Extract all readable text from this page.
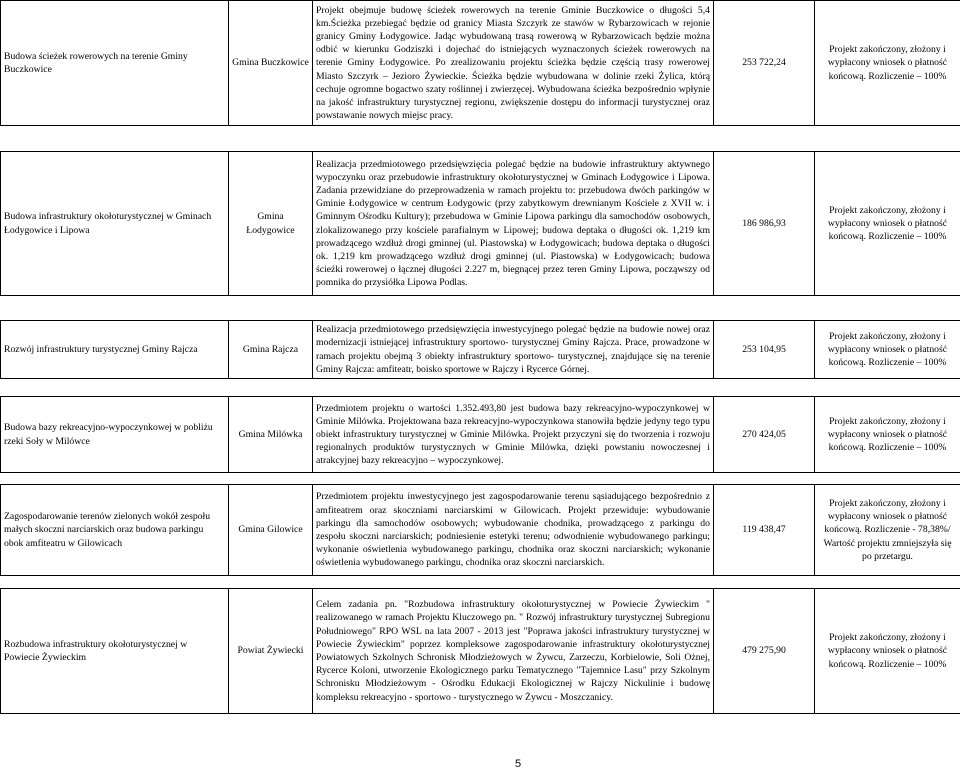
Budowa ścieżek rowerowych na terenie Gminy Buczkowice	Gmina Buczkowice	Projekt obejmuje budowę ścieżek rowerowych na terenie Gminie Buczkowice o długości 5,4 km.Ścieżka przebiegać będzie od granicy Miasta Szczyrk ze stawów w Rybarzowicach w rejonie granicy Gminy Łodygowice. Jadąc wybudowaną trasą rowerową w Rybarzowicach będzie można odbić w kierunku Godziszki i dojechać do istniejących wyznaczonych ścieżek rowerowych na terenie Gminy Łodygowice. Po zrealizowaniu projektu ścieżka będzie częścią trasy rowerowej Miasto Szczyrk – Jezioro Żywieckie. Ścieżka będzie wybudowana w dolinie rzeki Żylica, którą cechuje ogromne bogactwo szaty roślinnej i zwierzęcej. Wybudowana ścieżka bezpośrednio wpłynie na jakość infrastruktury turystycznej regionu, zwiększenie dostępu do informacji turystycznej oraz powstawanie nowych miejsc pracy.	253 722,24	Projekt zakończony, złożony i wypłacony wniosek o płatność końcową. Rozliczenie – 100%

Budowa infrastruktury okołoturystycznej w Gminach Łodygowice i Lipowa	Gmina Łodygowice	Realizacja przedmiotowego przedsięwzięcia polegać będzie na budowie infrastruktury aktywnego wypoczynku oraz przebudowie infrastruktury okołoturystycznej w Gminach Łodygowice i Lipowa. Zadania przewidziane do przeprowadzenia w ramach projektu to: przebudowa dwóch parkingów w Gminie Łodygowice w centrum Łodygowic (przy zabytkowym drewnianym Kościele z XVII w. i Gminnym Ośrodku Kultury); przebudowa w Gminie Lipowa parkingu dla samochodów osobowych, zlokalizowanego przy kościele parafialnym w Lipowej; budowa deptaka o długości ok. 1,219 km prowadzącego wzdłuż drogi gminnej (ul. Piastowska) w Łodygowicach; budowa deptaka o długości ok. 1,219 km prowadzącego wzdłuż drogi gminnej (ul. Piastowska) w Łodygowicach; budowa ścieżki rowerowej o łącznej długości 2.227 m, biegnącej przez teren Gminy Lipowa, począwszy od pomnika do przysiółka Lipowa Podlas.	186 986,93	Projekt zakończony, złożony i wypłacony wniosek o płatność końcową. Rozliczenie – 100%

Rozwój infrastruktury turystycznej Gminy Rajcza	Gmina Rajcza	Realizacja przedmiotowego przedsięwzięcia inwestycyjnego polegać będzie na budowie nowej oraz modernizacji istniejącej infrastruktury sportowo- turystycznej Gminy Rajcza. Prace, prowadzone w ramach projektu obejmą 3 obiekty infrastruktury sportowo- turystycznej, znajdujące się na terenie Gminy Rajcza: amfiteatr, boisko sportowe w Rajczy i Rycerce Górnej.	253 104,95	Projekt zakończony, złożony i wypłacony wniosek o płatność końcową. Rozliczenie – 100%

Budowa bazy rekreacyjno-wypoczynkowej w pobliżu rzeki Soły w Milówce	Gmina Milówka	Przedmiotem projektu o wartości 1.352.493,80 jest budowa bazy rekreacyjno-wypoczynkowej w Gminie Milówka. Projektowana baza rekreacyjno-wypoczynkowa stanowiła będzie jedyny tego typu obiekt infrastruktury turystycznej w Gminie Milówka. Projekt przyczyni się do tworzenia i rozwoju regionalnych produktów turystycznych w Gminie Milówka, dzięki powstaniu nowoczesnej i atrakcyjnej bazy rekreacyjno – wypoczynkowej.	270 424,05	Projekt zakończony, złożony i wypłacony wniosek o płatność końcową. Rozliczenie – 100%

Zagospodarowanie terenów zielonych wokół zespołu małych skoczni narciarskich oraz budowa parkingu obok amfiteatru w Gilowicach	Gmina Gilowice	Przedmiotem projektu inwestycyjnego jest zagospodarowanie terenu sąsiadującego bezpośrednio z amfiteatrem oraz skoczniami narciarskimi w Gilowicach. Projekt przewiduje: wybudowanie parkingu dla samochodów osobowych; wybudowanie chodnika, prowadzącego z parkingu do zespołu skoczni narciarskich; podniesienie estetyki terenu; odwodnienie wybudowanego parkingu; wykonanie oświetlenia wybudowanego parkingu, chodnika oraz skoczni narciarskich; wykonanie oświetlenia wybudowanego parkingu, chodnika oraz skoczni narciarskich.	119 438,47	Projekt zakończony, złożony i wypłacony wniosek o płatność końcową. Rozliczenie - 78,38%/ Wartość projektu zmniejszyła się po przetargu.

Rozbudowa infrastruktury okołoturystycznej w Powiecie Żywieckim	Powiat Żywiecki	Celem zadania pn. "Rozbudowa infrastruktury okołoturystycznej w Powiecie Żywieckim " realizowanego w ramach Projektu Kluczowego pn. " Rozwój infrastruktury turystycznej Subregionu Południowego" RPO WSL na lata 2007 - 2013 jest "Poprawa jakości infrastruktury turystycznej w Powiecie Żywieckim" poprzez kompleksowe zagospodarowanie infrastruktury okołoturystycznej Powiatowych Szkolnych Schronisk Młodzieżowych w Żywcu, Zarzeczu, Korbielowie, Soli Ożnej, Rycerce Koloni, utworzenie Ekologicznego parku Tematycznego "Tajemnice Lasu" przy Szkolnym Schronisku Młodzieżowym - Ośrodku Edukacji Ekologicznej w Rajczy Nickulinie i budowę kompleksu rekreacyjno - sportowo - turystycznego w Żywcu - Moszczanicy.	479 275,90	Projekt zakończony, złożony i wypłacony wniosek o płatność końcową. Rozliczenie – 100%
5
